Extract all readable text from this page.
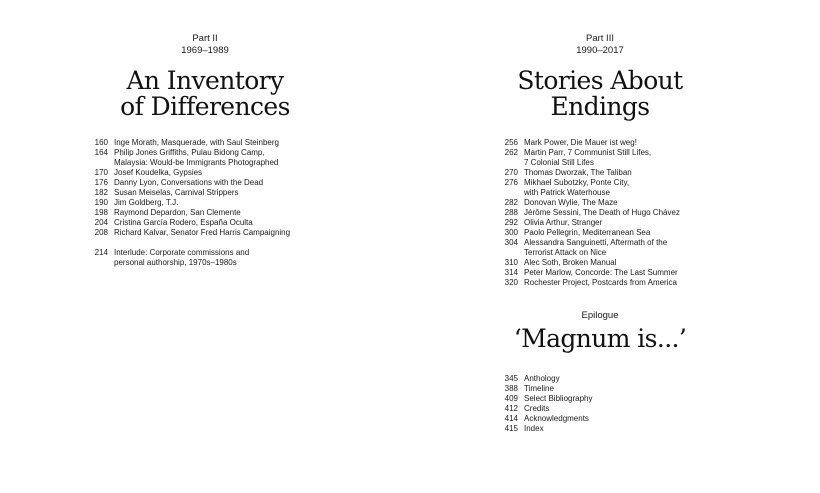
Part II
1969–1989
An Inventory
of Differences
160 Inge Morath, Masquerade, with Saul Steinberg
164 Philip Jones Griffiths, Pulau Bidong Camp,
Malaysia: Would-be Immigrants Photographed
170 Josef Koudelka, Gypsies
176 Danny Lyon, Conversations with the Dead
182 Susan Meiselas, Carnival Strippers
190 Jim Goldberg, T.J.
198 Raymond Depardon, San Clemente
204 Cristina García Rodero, España Oculta
208 Richard Kalvar, Senator Fred Harris Campaigning
214 Interlude: Corporate commissions and
personal authorship, 1970s–1980s
Part III
1990–2017
Stories About
Endings
256 Mark Power, Die Mauer ist weg!
262 Martin Parr, 7 Communist Still Lifes,
7 Colonial Still Lifes
270 Thomas Dworzak, The Taliban
276 Mikhael Subotzky, Ponte City,
with Patrick Waterhouse
282 Donovan Wylie, The Maze
288 Jérôme Sessini, The Death of Hugo Chávez
292 Olivia Arthur, Stranger
300 Paolo Pellegrin, Mediterranean Sea
304 Alessandra Sanguinetti, Aftermath of the
Terrorist Attack on Nice
310 Alec Soth, Broken Manual
314 Peter Marlow, Concorde: The Last Summer
320 Rochester Project, Postcards from America
Epilogue
‘Magnum is...’
345 Anthology
388 Timeline
409 Select Bibliography
412 Credits
414 Acknowledgments
415 Index
